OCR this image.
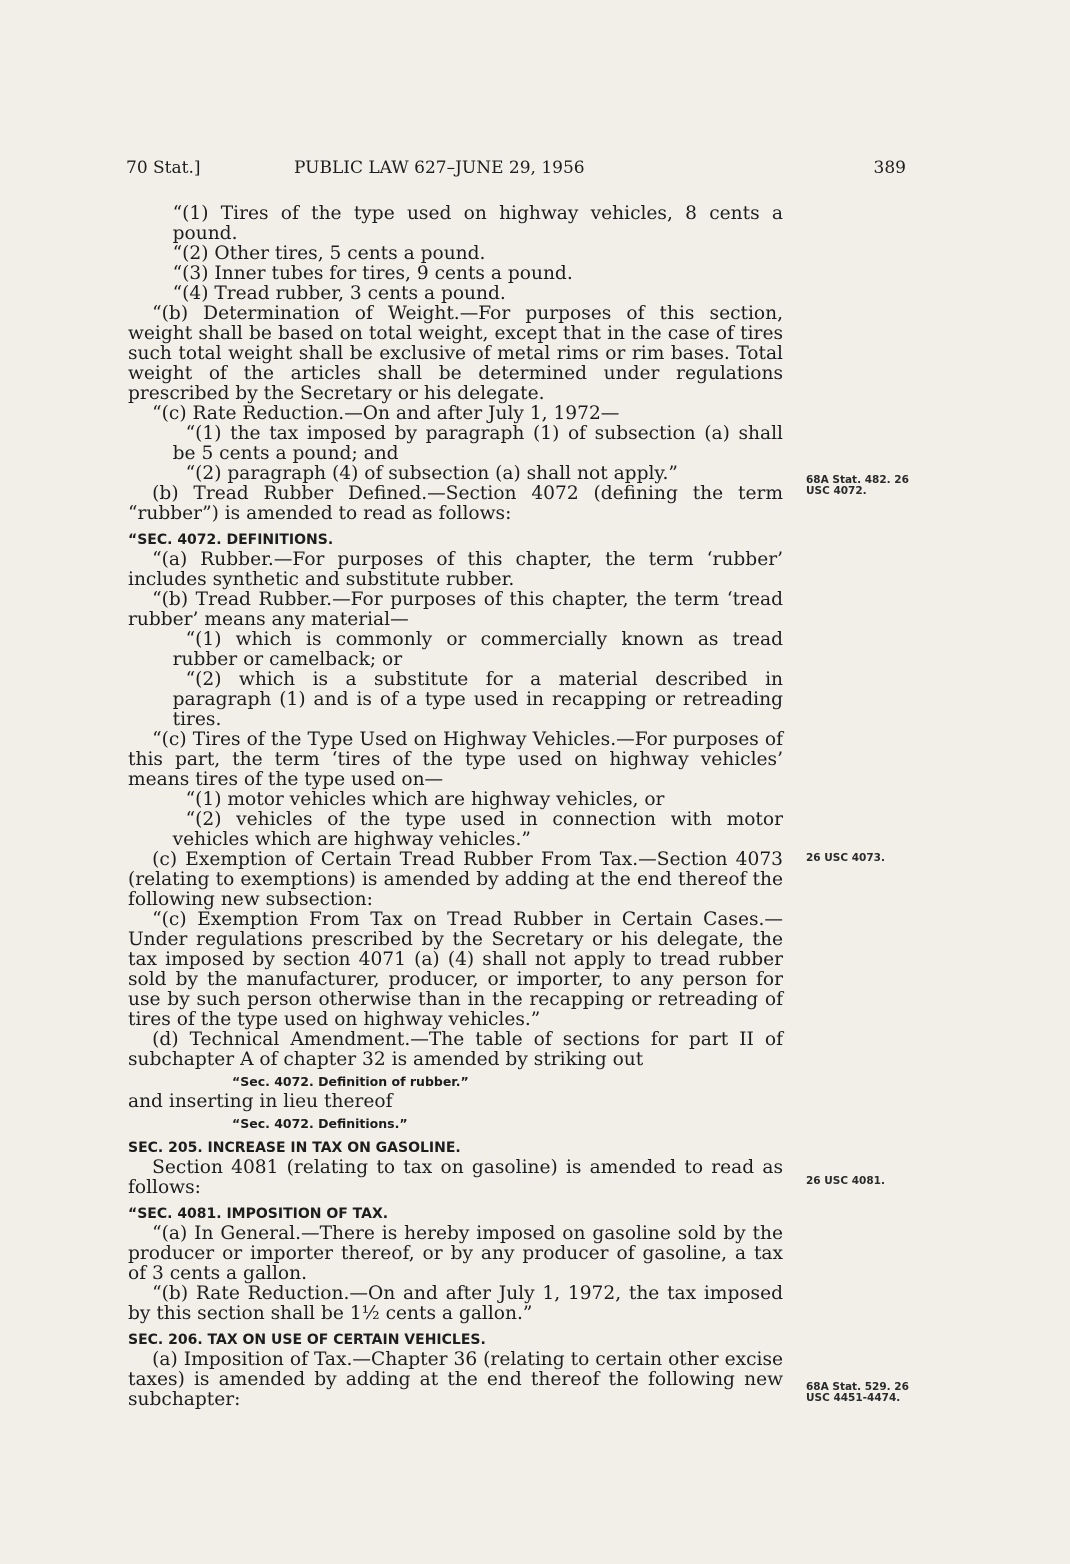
70 Stat.]	PUBLIC LAW 627–JUNE 29, 1956	389

“(1) Tires of the type used on highway vehicles, 8 cents a pound.

“(2) Other tires, 5 cents a pound.

“(3) Inner tubes for tires, 9 cents a pound.

“(4) Tread rubber, 3 cents a pound.

“(b) Determination of Weight.—For purposes of this section, weight shall be based on total weight, except that in the case of tires such total weight shall be exclusive of metal rims or rim bases. Total weight of the articles shall be determined under regulations prescribed by the Secretary or his delegate.

“(c) Rate Reduction.—On and after July 1, 1972—

“(1) the tax imposed by paragraph (1) of subsection (a) shall be 5 cents a pound; and

“(2) paragraph (4) of subsection (a) shall not apply.”

(b) Tread Rubber Defined.—Section 4072 (defining the term “rubber”) is amended to read as follows:

“SEC. 4072. DEFINITIONS.

“(a) Rubber.—For purposes of this chapter, the term ‘rubber’ includes synthetic and substitute rubber.

“(b) Tread Rubber.—For purposes of this chapter, the term ‘tread rubber’ means any material—

“(1) which is commonly or commercially known as tread rubber or camelback; or

“(2) which is a substitute for a material described in paragraph (1) and is of a type used in recapping or retreading tires.

“(c) Tires of the Type Used on Highway Vehicles.—For purposes of this part, the term ‘tires of the type used on highway vehicles’ means tires of the type used on—

“(1) motor vehicles which are highway vehicles, or

“(2) vehicles of the type used in connection with motor vehicles which are highway vehicles.”

(c) Exemption of Certain Tread Rubber From Tax.—Section 4073 (relating to exemptions) is amended by adding at the end thereof the following new subsection:

“(c) Exemption From Tax on Tread Rubber in Certain Cases.—Under regulations prescribed by the Secretary or his delegate, the tax imposed by section 4071 (a) (4) shall not apply to tread rubber sold by the manufacturer, producer, or importer, to any person for use by such person otherwise than in the recapping or retreading of tires of the type used on highway vehicles.”

(d) Technical Amendment.—The table of sections for part II of subchapter A of chapter 32 is amended by striking out

“Sec. 4072. Definition of rubber.”

and inserting in lieu thereof

“Sec. 4072. Definitions.”

SEC. 205. INCREASE IN TAX ON GASOLINE.

Section 4081 (relating to tax on gasoline) is amended to read as follows:

“SEC. 4081. IMPOSITION OF TAX.

“(a) In General.—There is hereby imposed on gasoline sold by the producer or importer thereof, or by any producer of gasoline, a tax of 3 cents a gallon.

“(b) Rate Reduction.—On and after July 1, 1972, the tax imposed by this section shall be 1½ cents a gallon.”

SEC. 206. TAX ON USE OF CERTAIN VEHICLES.

(a) Imposition of Tax.—Chapter 36 (relating to certain other excise taxes) is amended by adding at the end thereof the following new subchapter:

68A Stat. 482. 26 USC 4072.
26 USC 4073.
26 USC 4081.
68A Stat. 529. 26 USC 4451-4474.
